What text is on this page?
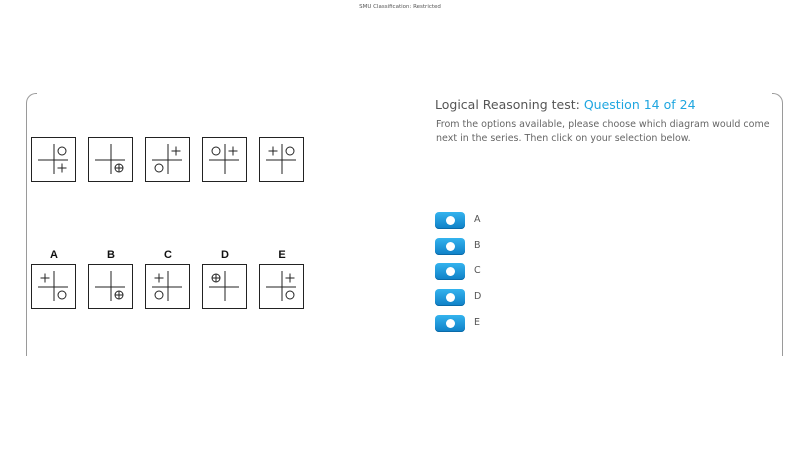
SMU Classification: Restricted
A	B	C	D	E
Logical Reasoning test: Question 14 of 24
From the options available, please choose which diagram would come next in the series. Then click on your selection below.
A
B
C
D
E
